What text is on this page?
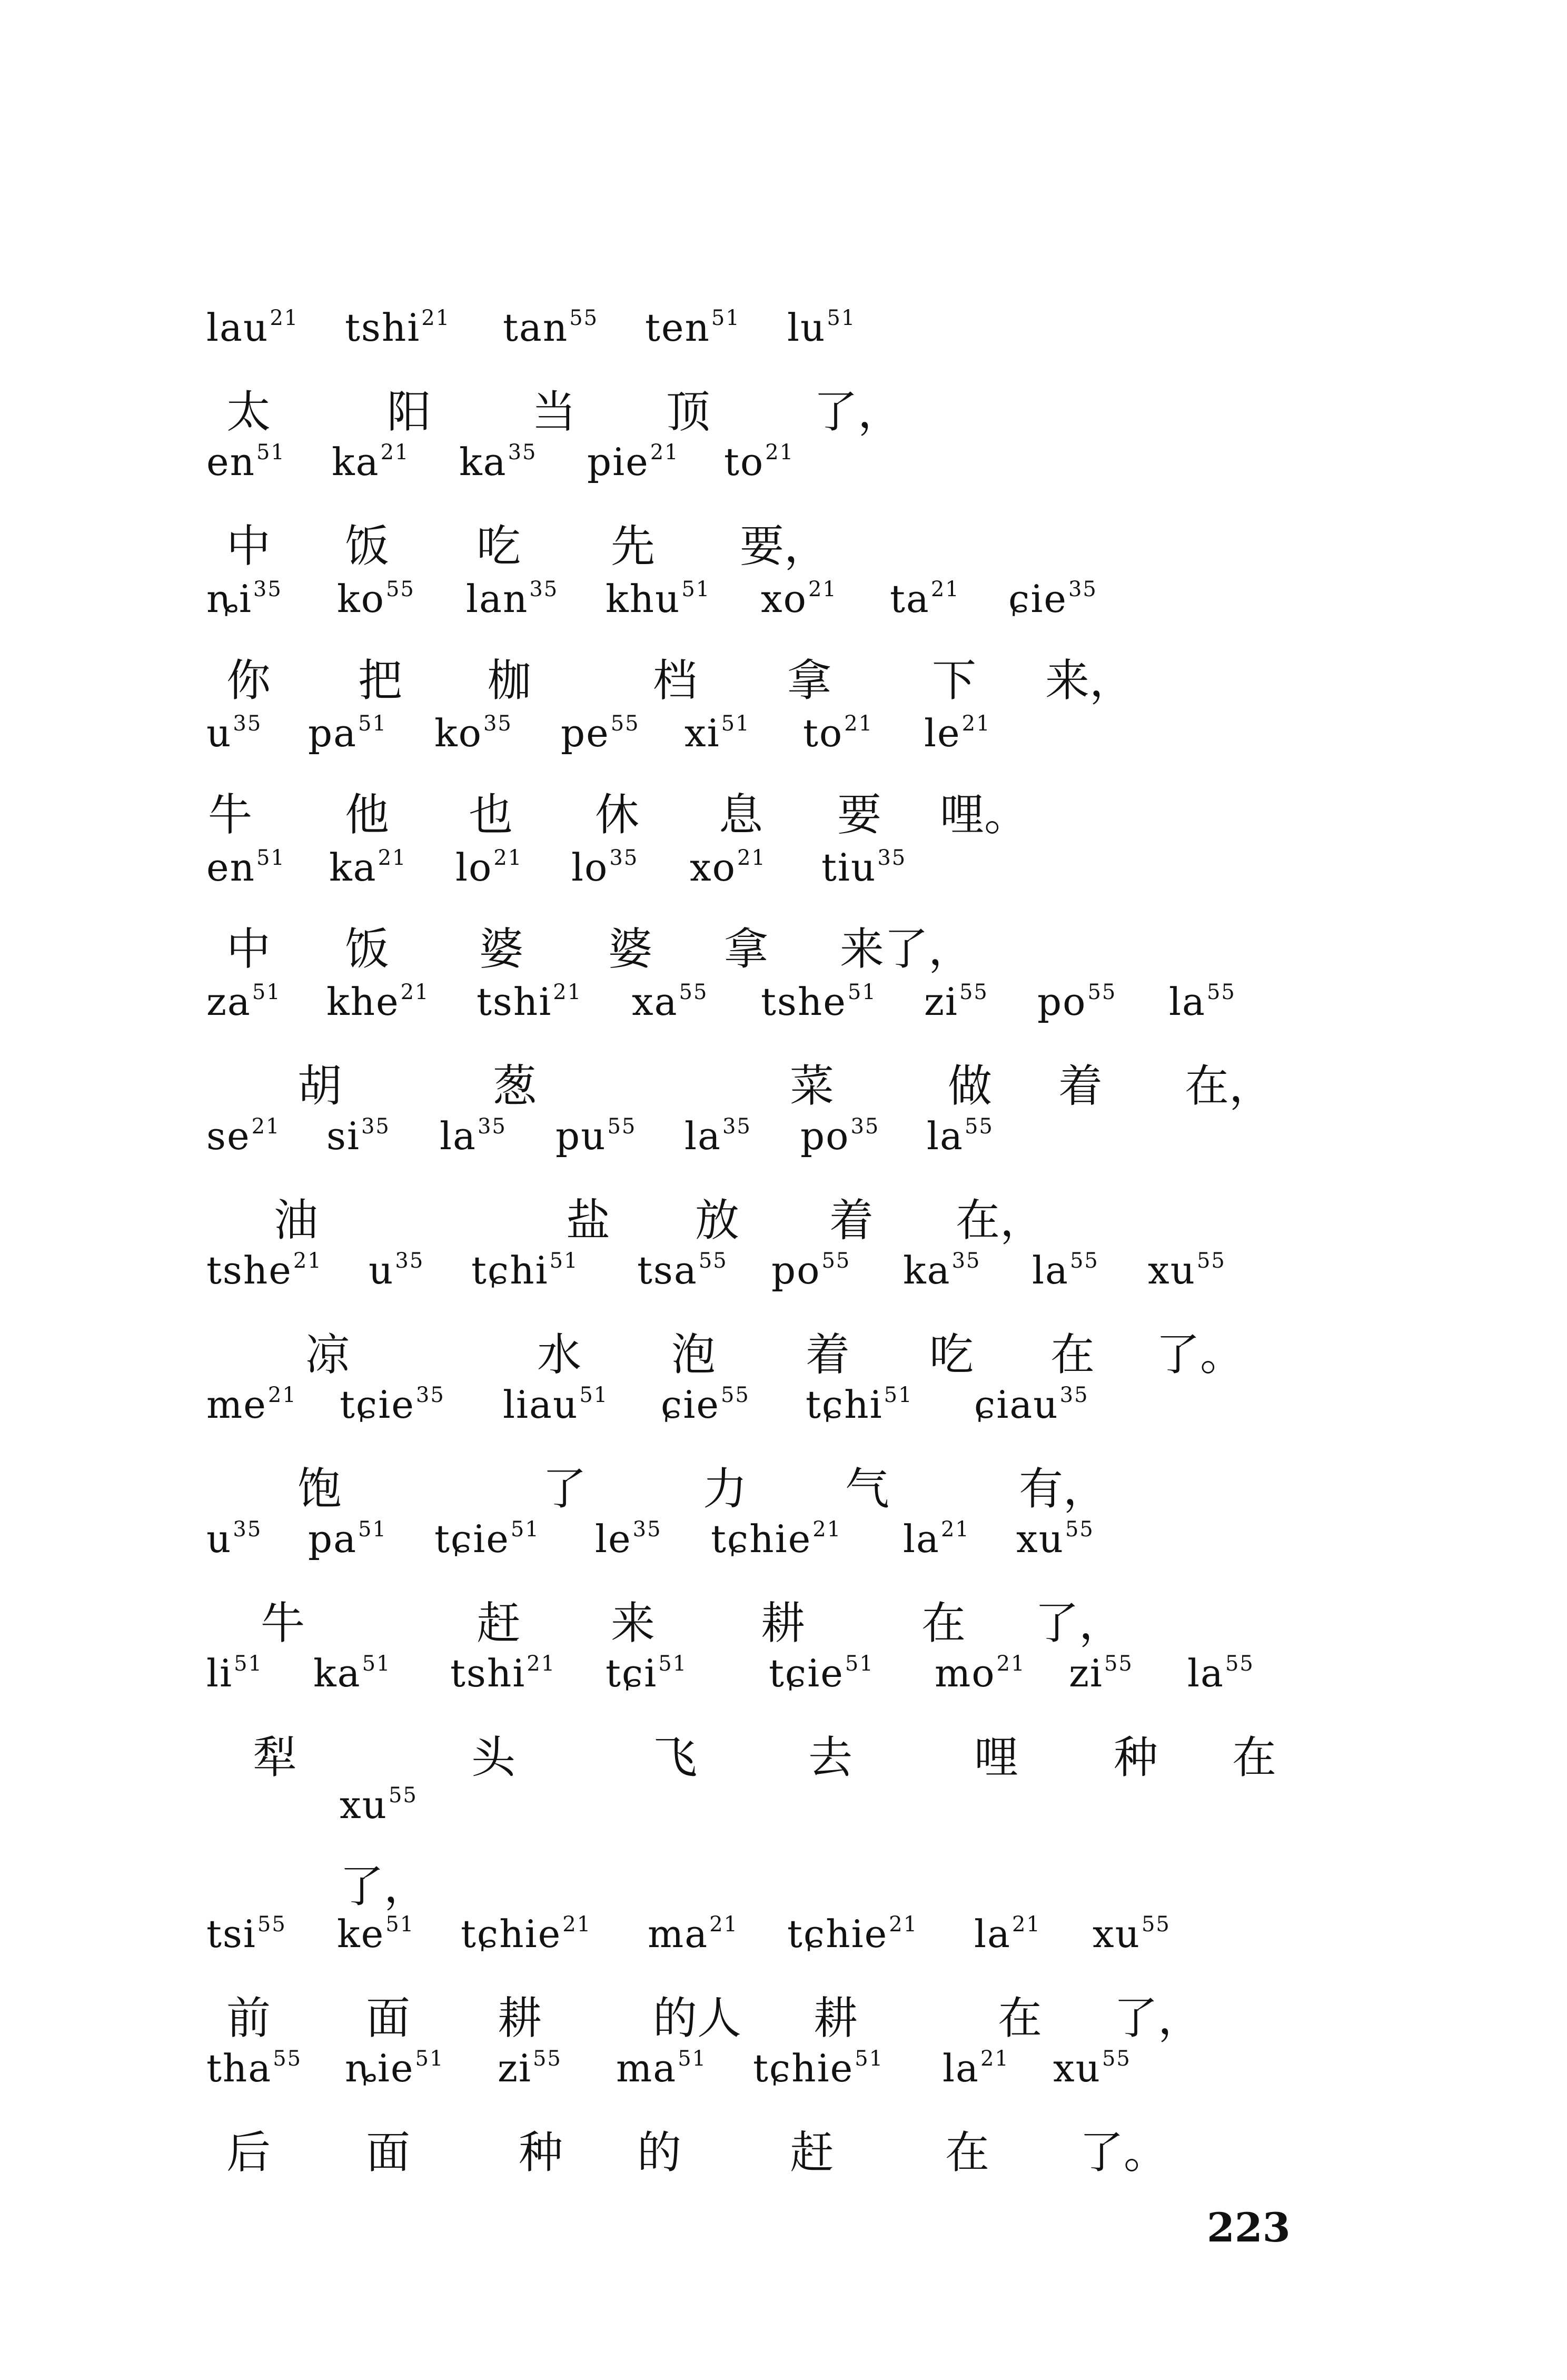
lau$^{21}$ tshi$^{21}$ $\tan^{55} ten^{51}$ $lu^{51}$
太	阳 当 顶 了，
$en^{51}$ $ka^{21}$ $ka^{35}$ pie$^{21}$ $to^{21}$
中 饭 吃 先 要，
$ȵi^{35}$ $ko^{55}$ lan$^{35}$ khu$^{51}$ $xo^{21}$ $ta^{21}$ ɕie$^{35}$
你 把 枷	档 拿 下 来，
$u^{35}$ $pa^{51}$ $ko^{35}$ $pe^{55}$ $xi^{51}$ $to^{21}$ $le^{21}$
牛 他 也 休 息 要 哩。
$en^{51}$ $ka^{21}$ $lo^{21}$ $lo^{35}$ $xo^{21}$ tiu$^{35}$
中 饭 婆 婆 拿 来了，
$za^{51}$ khe$^{21}$ tshi$^{21}$ $xa^{55}$ tshe$^{51}$ $zi^{55}$ $po^{55}$ $la^{55}$
胡	葱	菜	做 着 在，
$se^{21}$ $si^{35}$ $la^{35}$ $pu^{55}$ $la^{35}$ $po^{35}$ $la^{55}$
油	盐 放 着 在，
tshe$^{21}$ $u^{35}$ tɕhi$^{51}$ tsa$^{55}$ $po^{55}$ $ka^{35}$ $la^{55}$ $xu^{55}$
凉	水 泡 着 吃 在 了。
$me^{21}$ tɕie$^{35}$ liau$^{51}$ ɕie$^{55}$ tɕhi$^{51}$ ɕiau$^{35}$
饱	了	力 气	有，
$u^{35}$ $pa^{51}$ tɕie$^{51}$ $le^{35}$ tɕhie$^{21}$ $la^{21}$ $xu^{55}$
牛	赶 来 耕	在 了，
$li^{51}$ $ka^{51}$ tshi$^{21}$ tɕi$^{51}$ tɕie$^{51}$ $mo^{21}$ $zi^{55}$ $la^{55}$
犁	头	飞	去	哩 种 在
$xu^{55}$
了，
tsi$^{55}$ $ke^{51}$ tɕhie$^{21}$ $ma^{21}$ tɕhie$^{21}$ $la^{21}$ $xu^{55}$
前 面 耕	的人 耕	在 了，
tha$^{55}$ ȵie$^{51}$ $zi^{55}$ $ma^{51}$ tɕhie$^{51}$ $la^{21}$ $xu^{55}$
后 面 种 的 赶	在 了。
223
